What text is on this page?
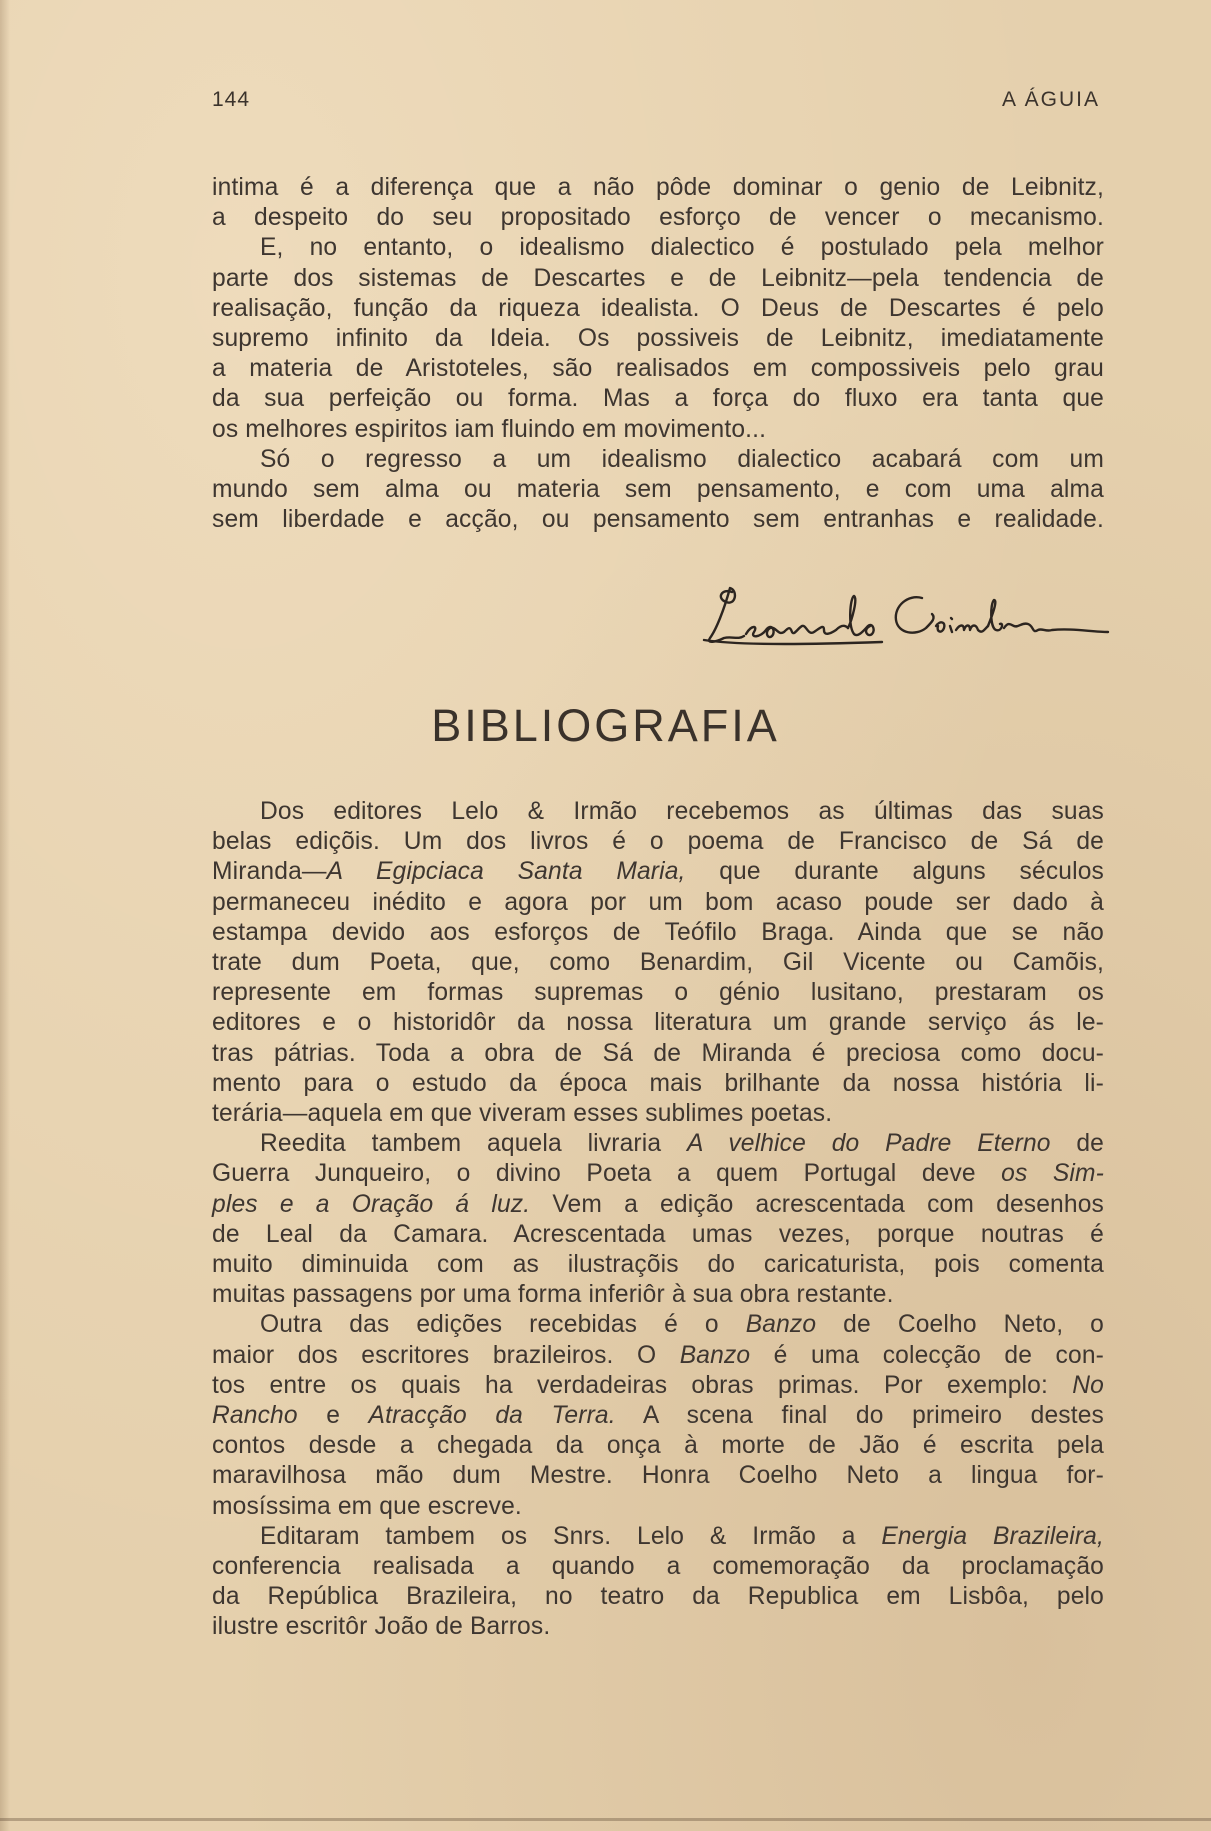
144	A ÁGUIA

intima é a diferença que a não pôde dominar o genio de Leibnitz,

a despeito do seu propositado esforço de vencer o mecanismo.

E, no entanto, o idealismo dialectico é postulado pela melhor

parte dos sistemas de Descartes e de Leibnitz—pela tendencia de

realisação, função da riqueza idealista. O Deus de Descartes é pelo

supremo infinito da Ideia. Os possiveis de Leibnitz, imediatamente

a materia de Aristoteles, são realisados em compossiveis pelo grau

da sua perfeição ou forma. Mas a força do fluxo era tanta que

os melhores espiritos iam fluindo em movimento...

Só o regresso a um idealismo dialectico acabará com um

mundo sem alma ou materia sem pensamento, e com uma alma

sem liberdade e acção, ou pensamento sem entranhas e realidade.

BIBLIOGRAFIA

Dos editores Lelo & Irmão recebemos as últimas das suas

belas ediçõis. Um dos livros é o poema de Francisco de Sá de

Miranda—A Egipciaca Santa Maria, que durante alguns séculos

permaneceu inédito e agora por um bom acaso poude ser dado à

estampa devido aos esforços de Teófilo Braga. Ainda que se não

trate dum Poeta, que, como Benardim, Gil Vicente ou Camõis,

represente em formas supremas o génio lusitano, prestaram os

editores e o historidôr da nossa literatura um grande serviço ás le-

tras pátrias. Toda a obra de Sá de Miranda é preciosa como docu-

mento para o estudo da época mais brilhante da nossa história li-

terária—aquela em que viveram esses sublimes poetas.

Reedita tambem aquela livraria A velhice do Padre Eterno de

Guerra Junqueiro, o divino Poeta a quem Portugal deve os Sim-

ples e a Oração á luz. Vem a edição acrescentada com desenhos

de Leal da Camara. Acrescentada umas vezes, porque noutras é

muito diminuida com as ilustraçõis do caricaturista, pois comenta

muitas passagens por uma forma inferiôr à sua obra restante.

Outra das edições recebidas é o Banzo de Coelho Neto, o

maior dos escritores brazileiros. O Banzo é uma colecção de con-

tos entre os quais ha verdadeiras obras primas. Por exemplo: No

Rancho e Atracção da Terra. A scena final do primeiro destes

contos desde a chegada da onça à morte de Jão é escrita pela

maravilhosa mão dum Mestre. Honra Coelho Neto a lingua for-

mosíssima em que escreve.

Editaram tambem os Snrs. Lelo & Irmão a Energia Brazileira,

conferencia realisada a quando a comemoração da proclamação

da República Brazileira, no teatro da Republica em Lisbôa, pelo

ilustre escritôr João de Barros.
